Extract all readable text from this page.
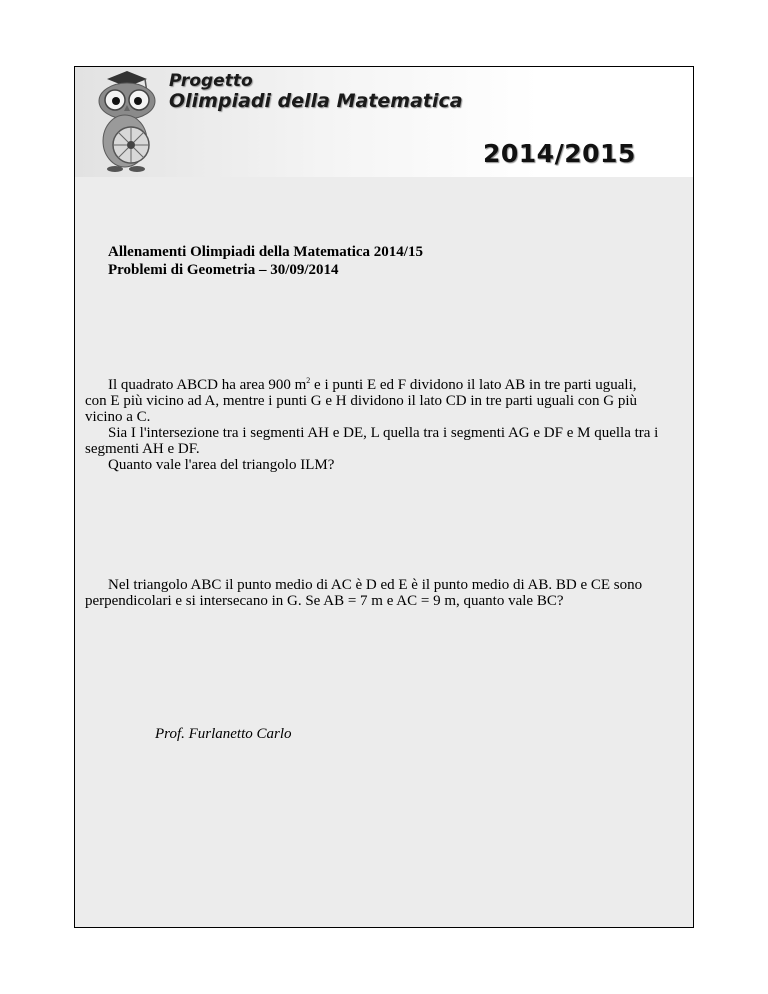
Progetto
Olimpiadi della Matematica
2014/2015
Allenamenti Olimpiadi della Matematica 2014/15
Problemi di Geometria – 30/09/2014
Il quadrato ABCD ha area 900 $m^2$ e i punti E ed F dividono il lato AB in tre parti uguali,
con E più vicino ad A, mentre i punti G e H dividono il lato CD in tre parti uguali con G più
vicino a C.
Sia I l'intersezione tra i segmenti AH e DE, L quella tra i segmenti AG e DF e M quella tra i
segmenti AH e DF.
Quanto vale l'area del triangolo ILM?
Nel triangolo ABC il punto medio di AC è D ed E è il punto medio di AB. BD e CE sono
perpendicolari e si intersecano in G. Se AB = 7 m e AC = 9 m, quanto vale BC?
Prof. Furlanetto Carlo
